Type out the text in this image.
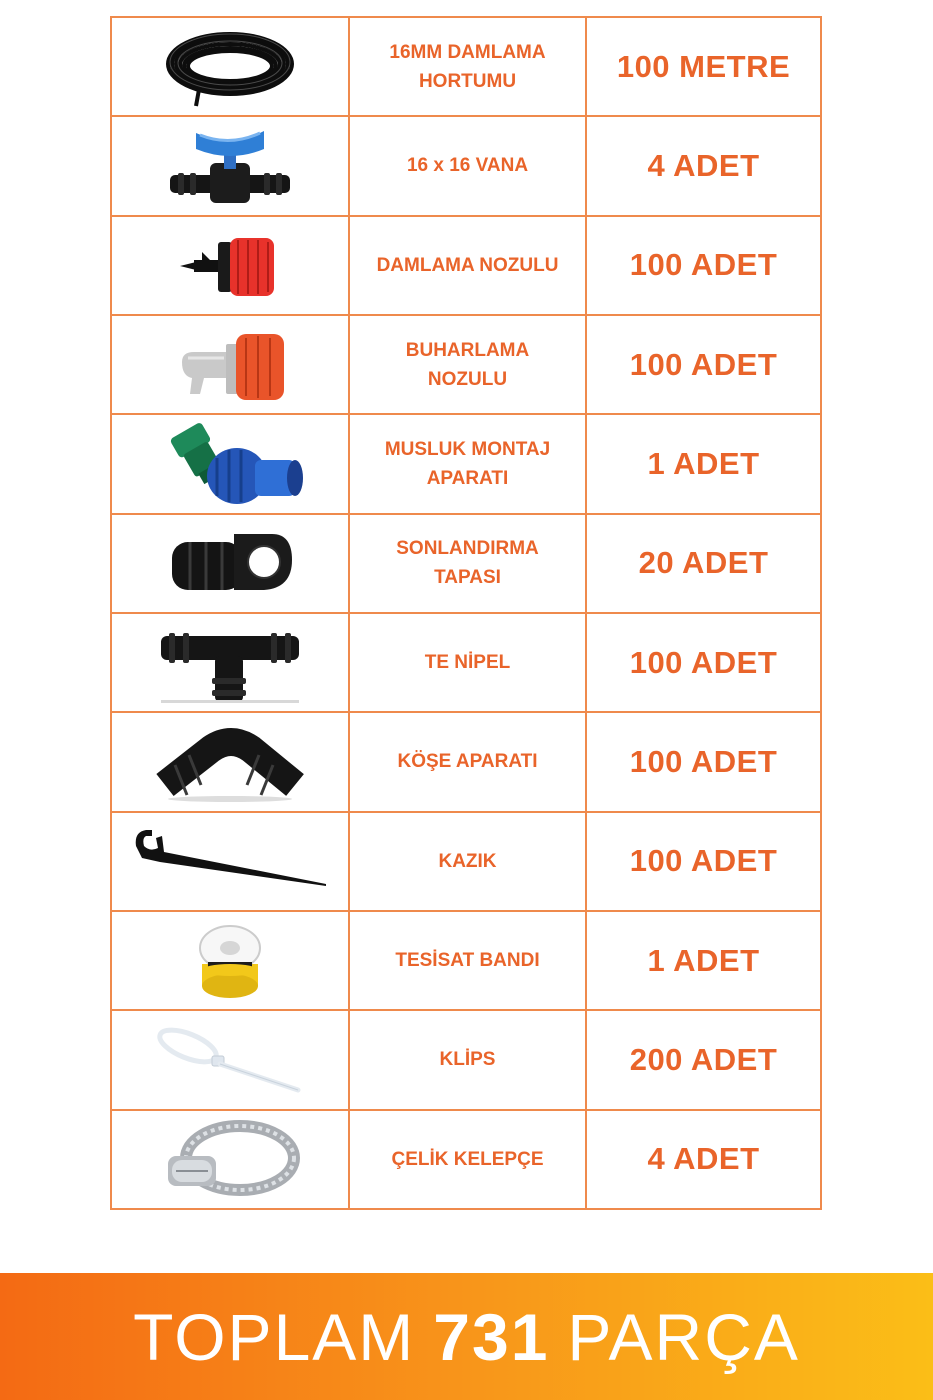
	16MM DAMLAMA HORTUMU	100 METRE

	16 x 16 VANA	4 ADET

	DAMLAMA NOZULU	100 ADET

	BUHARLAMA NOZULU	100 ADET

	MUSLUK MONTAJ APARATI	1 ADET

	SONLANDIRMA TAPASI	20 ADET

	TE NİPEL	100 ADET

	KÖŞE APARATI	100 ADET

	KAZIK	100 ADET

	TESİSAT BANDI	1 ADET

	KLİPS	200 ADET

	ÇELİK KELEPÇE	4 ADET
TOPLAM 731 PARÇA
